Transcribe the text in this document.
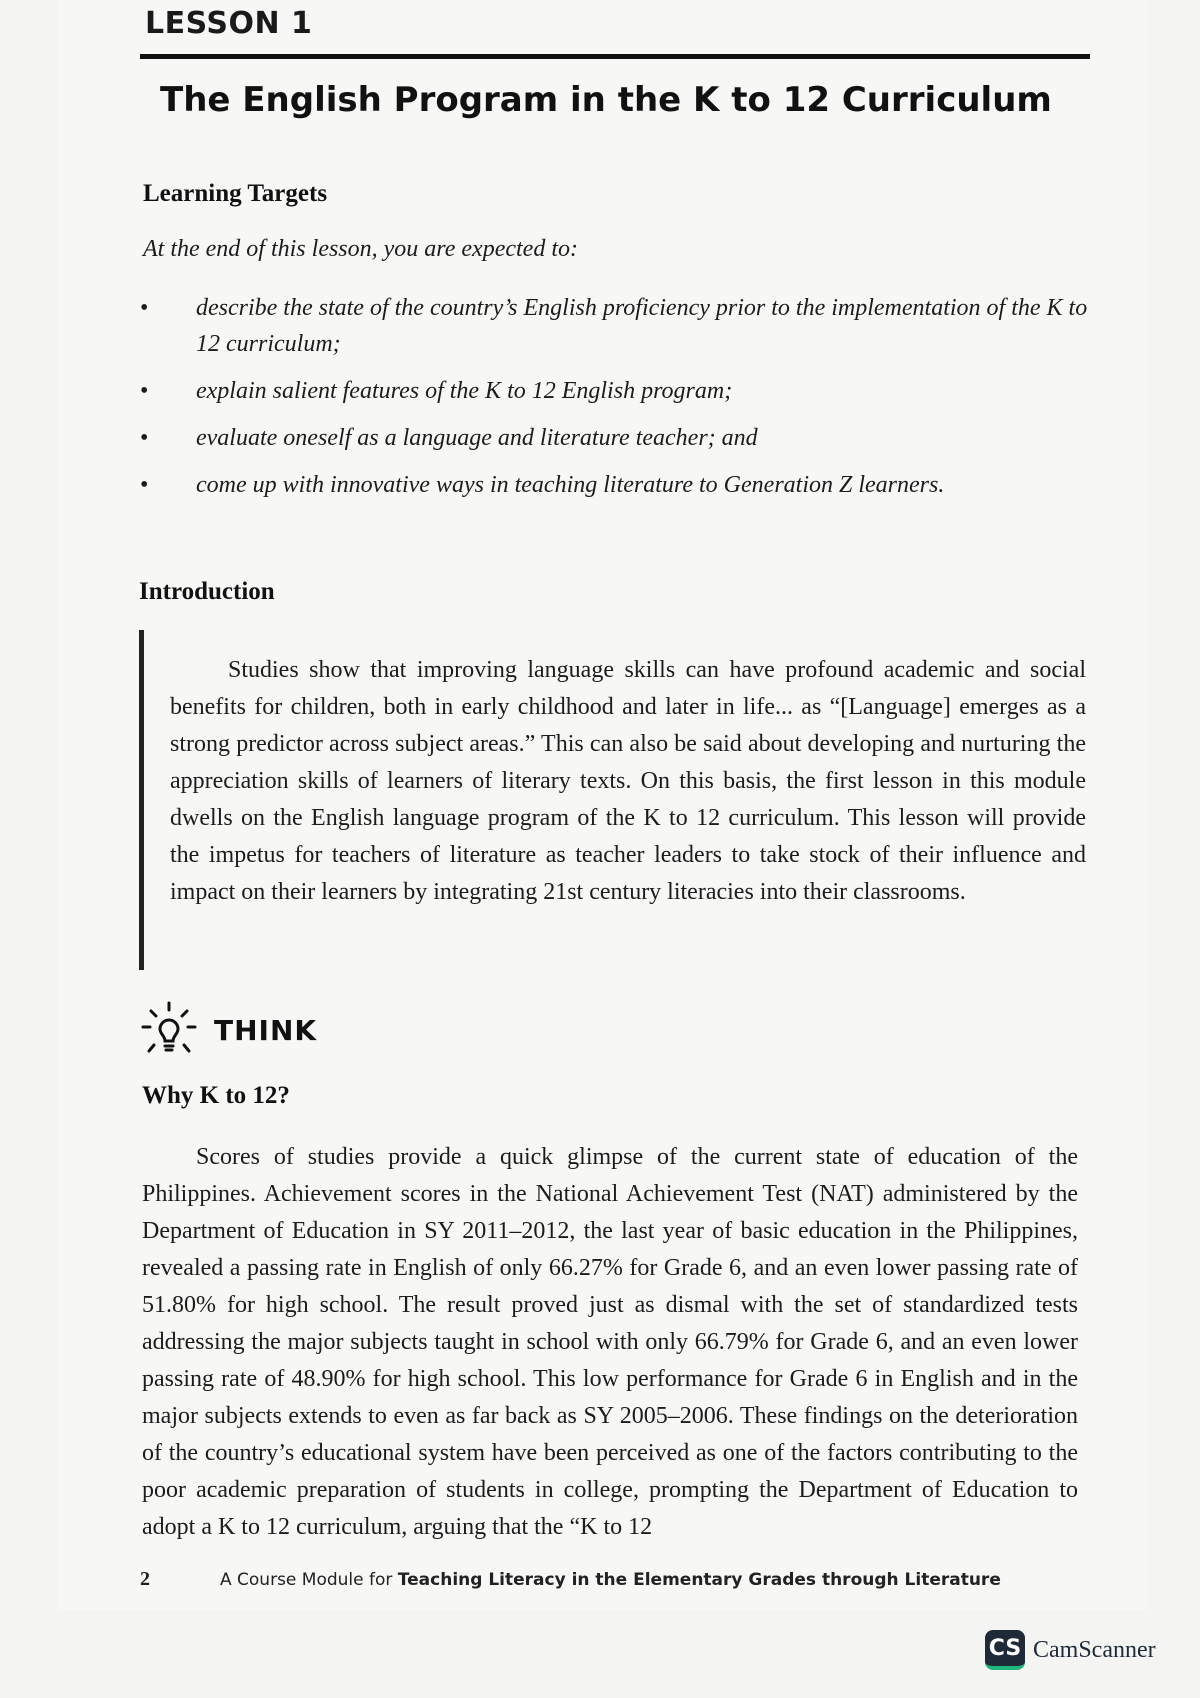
LESSON 1
The English Program in the K to 12 Curriculum
Learning Targets
At the end of this lesson, you are expected to:
• describe the state of the country’s English proficiency prior to the implementation of the K to 12 curriculum;
• explain salient features of the K to 12 English program;
• evaluate oneself as a language and literature teacher; and
• come up with innovative ways in teaching literature to Generation Z learners.
Introduction

Studies show that improving language skills can have profound academic and social benefits for children, both in early childhood and later in life... as “[Language] emerges as a strong predictor across subject areas.” This can also be said about developing and nurturing the appreciation skills of learners of literary texts. On this basis, the first lesson in this module dwells on the English language program of the K to 12 curriculum. This lesson will provide the impetus for teachers of literature as teacher leaders to take stock of their influence and impact on their learners by integrating 21st century literacies into their classrooms.

THINK
Why K to 12?

Scores of studies provide a quick glimpse of the current state of education of the Philippines. Achievement scores in the National Achievement Test (NAT) administered by the Department of Education in SY 2011–2012, the last year of basic education in the Philippines, revealed a passing rate in English of only 66.27% for Grade 6, and an even lower passing rate of 51.80% for high school. The result proved just as dismal with the set of standardized tests addressing the major subjects taught in school with only 66.79% for Grade 6, and an even lower passing rate of 48.90% for high school. This low performance for Grade 6 in English and in the major subjects extends to even as far back as SY 2005–2006. These findings on the deterioration of the country’s educational system have been perceived as one of the factors contributing to the poor academic preparation of students in college, prompting the Department of Education to adopt a K to 12 curriculum, arguing that the “K to 12

2	A Course Module for Teaching Literacy in the Elementary Grades through Literature
CS CamScanner
